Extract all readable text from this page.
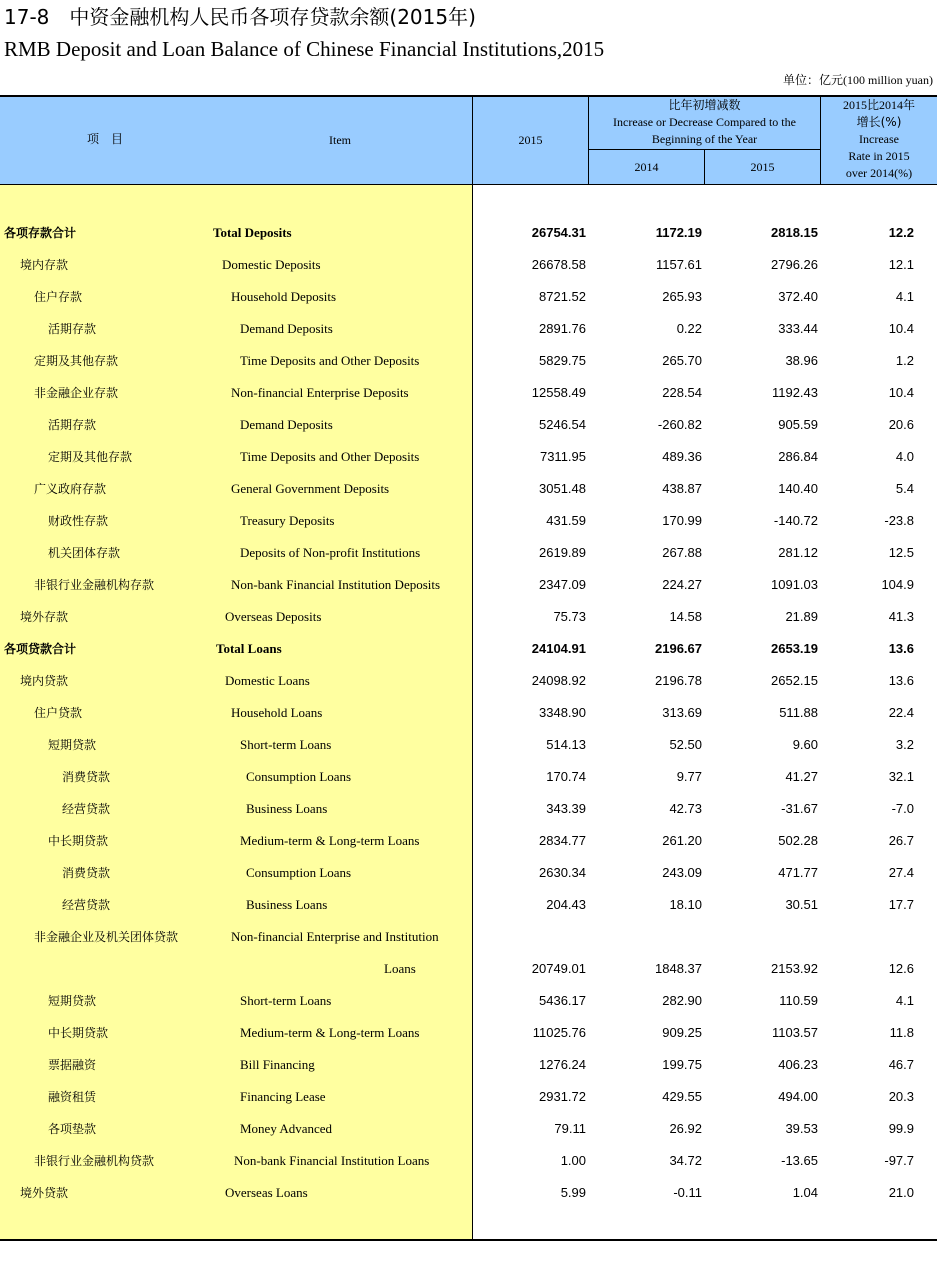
17-8　中资金融机构人民币各项存贷款余额(2015年)
RMB Deposit and Loan Balance of Chinese Financial Institutions,2015
单位：亿元(100 million yuan)
项　目	Item	2015
比年初增减数
Increase or Decrease Compared to the
Beginning of the Year
2014	2015
2015比2014年
增长(%)
Increase
Rate in 2015
over 2014(%)
各项存款合计	Total Deposits	26754.31	1172.19	2818.15	12.2
境内存款	Domestic Deposits	26678.58	1157.61	2796.26	12.1
住户存款	Household Deposits	8721.52	265.93	372.40	4.1
活期存款	Demand Deposits	2891.76	0.22	333.44	10.4
定期及其他存款	Time Deposits and Other Deposits	5829.75	265.70	38.96	1.2
非金融企业存款	Non-financial Enterprise Deposits	12558.49	228.54	1192.43	10.4
活期存款	Demand Deposits	5246.54	-260.82	905.59	20.6
定期及其他存款	Time Deposits and Other Deposits	7311.95	489.36	286.84	4.0
广义政府存款	General Government Deposits	3051.48	438.87	140.40	5.4
财政性存款	Treasury Deposits	431.59	170.99	-140.72	-23.8
机关团体存款	Deposits of Non-profit Institutions	2619.89	267.88	281.12	12.5
非银行业金融机构存款	Non-bank Financial Institution Deposits	2347.09	224.27	1091.03	104.9
境外存款	Overseas Deposits	75.73	14.58	21.89	41.3
各项贷款合计	Total Loans	24104.91	2196.67	2653.19	13.6
境内贷款	Domestic Loans	24098.92	2196.78	2652.15	13.6
住户贷款	Household Loans	3348.90	313.69	511.88	22.4
短期贷款	Short-term Loans	514.13	52.50	9.60	3.2
消费贷款	Consumption Loans	170.74	9.77	41.27	32.1
经营贷款	Business Loans	343.39	42.73	-31.67	-7.0
中长期贷款	Medium-term & Long-term Loans	2834.77	261.20	502.28	26.7
消费贷款	Consumption Loans	2630.34	243.09	471.77	27.4
经营贷款	Business Loans	204.43	18.10	30.51	17.7
非金融企业及机关团体贷款	Non-financial Enterprise and Institution
Loans	20749.01	1848.37	2153.92	12.6
短期贷款	Short-term Loans	5436.17	282.90	110.59	4.1
中长期贷款	Medium-term & Long-term Loans	11025.76	909.25	1103.57	11.8
票据融资	Bill Financing	1276.24	199.75	406.23	46.7
融资租赁	Financing Lease	2931.72	429.55	494.00	20.3
各项垫款	Money Advanced	79.11	26.92	39.53	99.9
非银行业金融机构贷款	Non-bank Financial Institution Loans	1.00	34.72	-13.65	-97.7
境外贷款	Overseas Loans	5.99	-0.11	1.04	21.0
